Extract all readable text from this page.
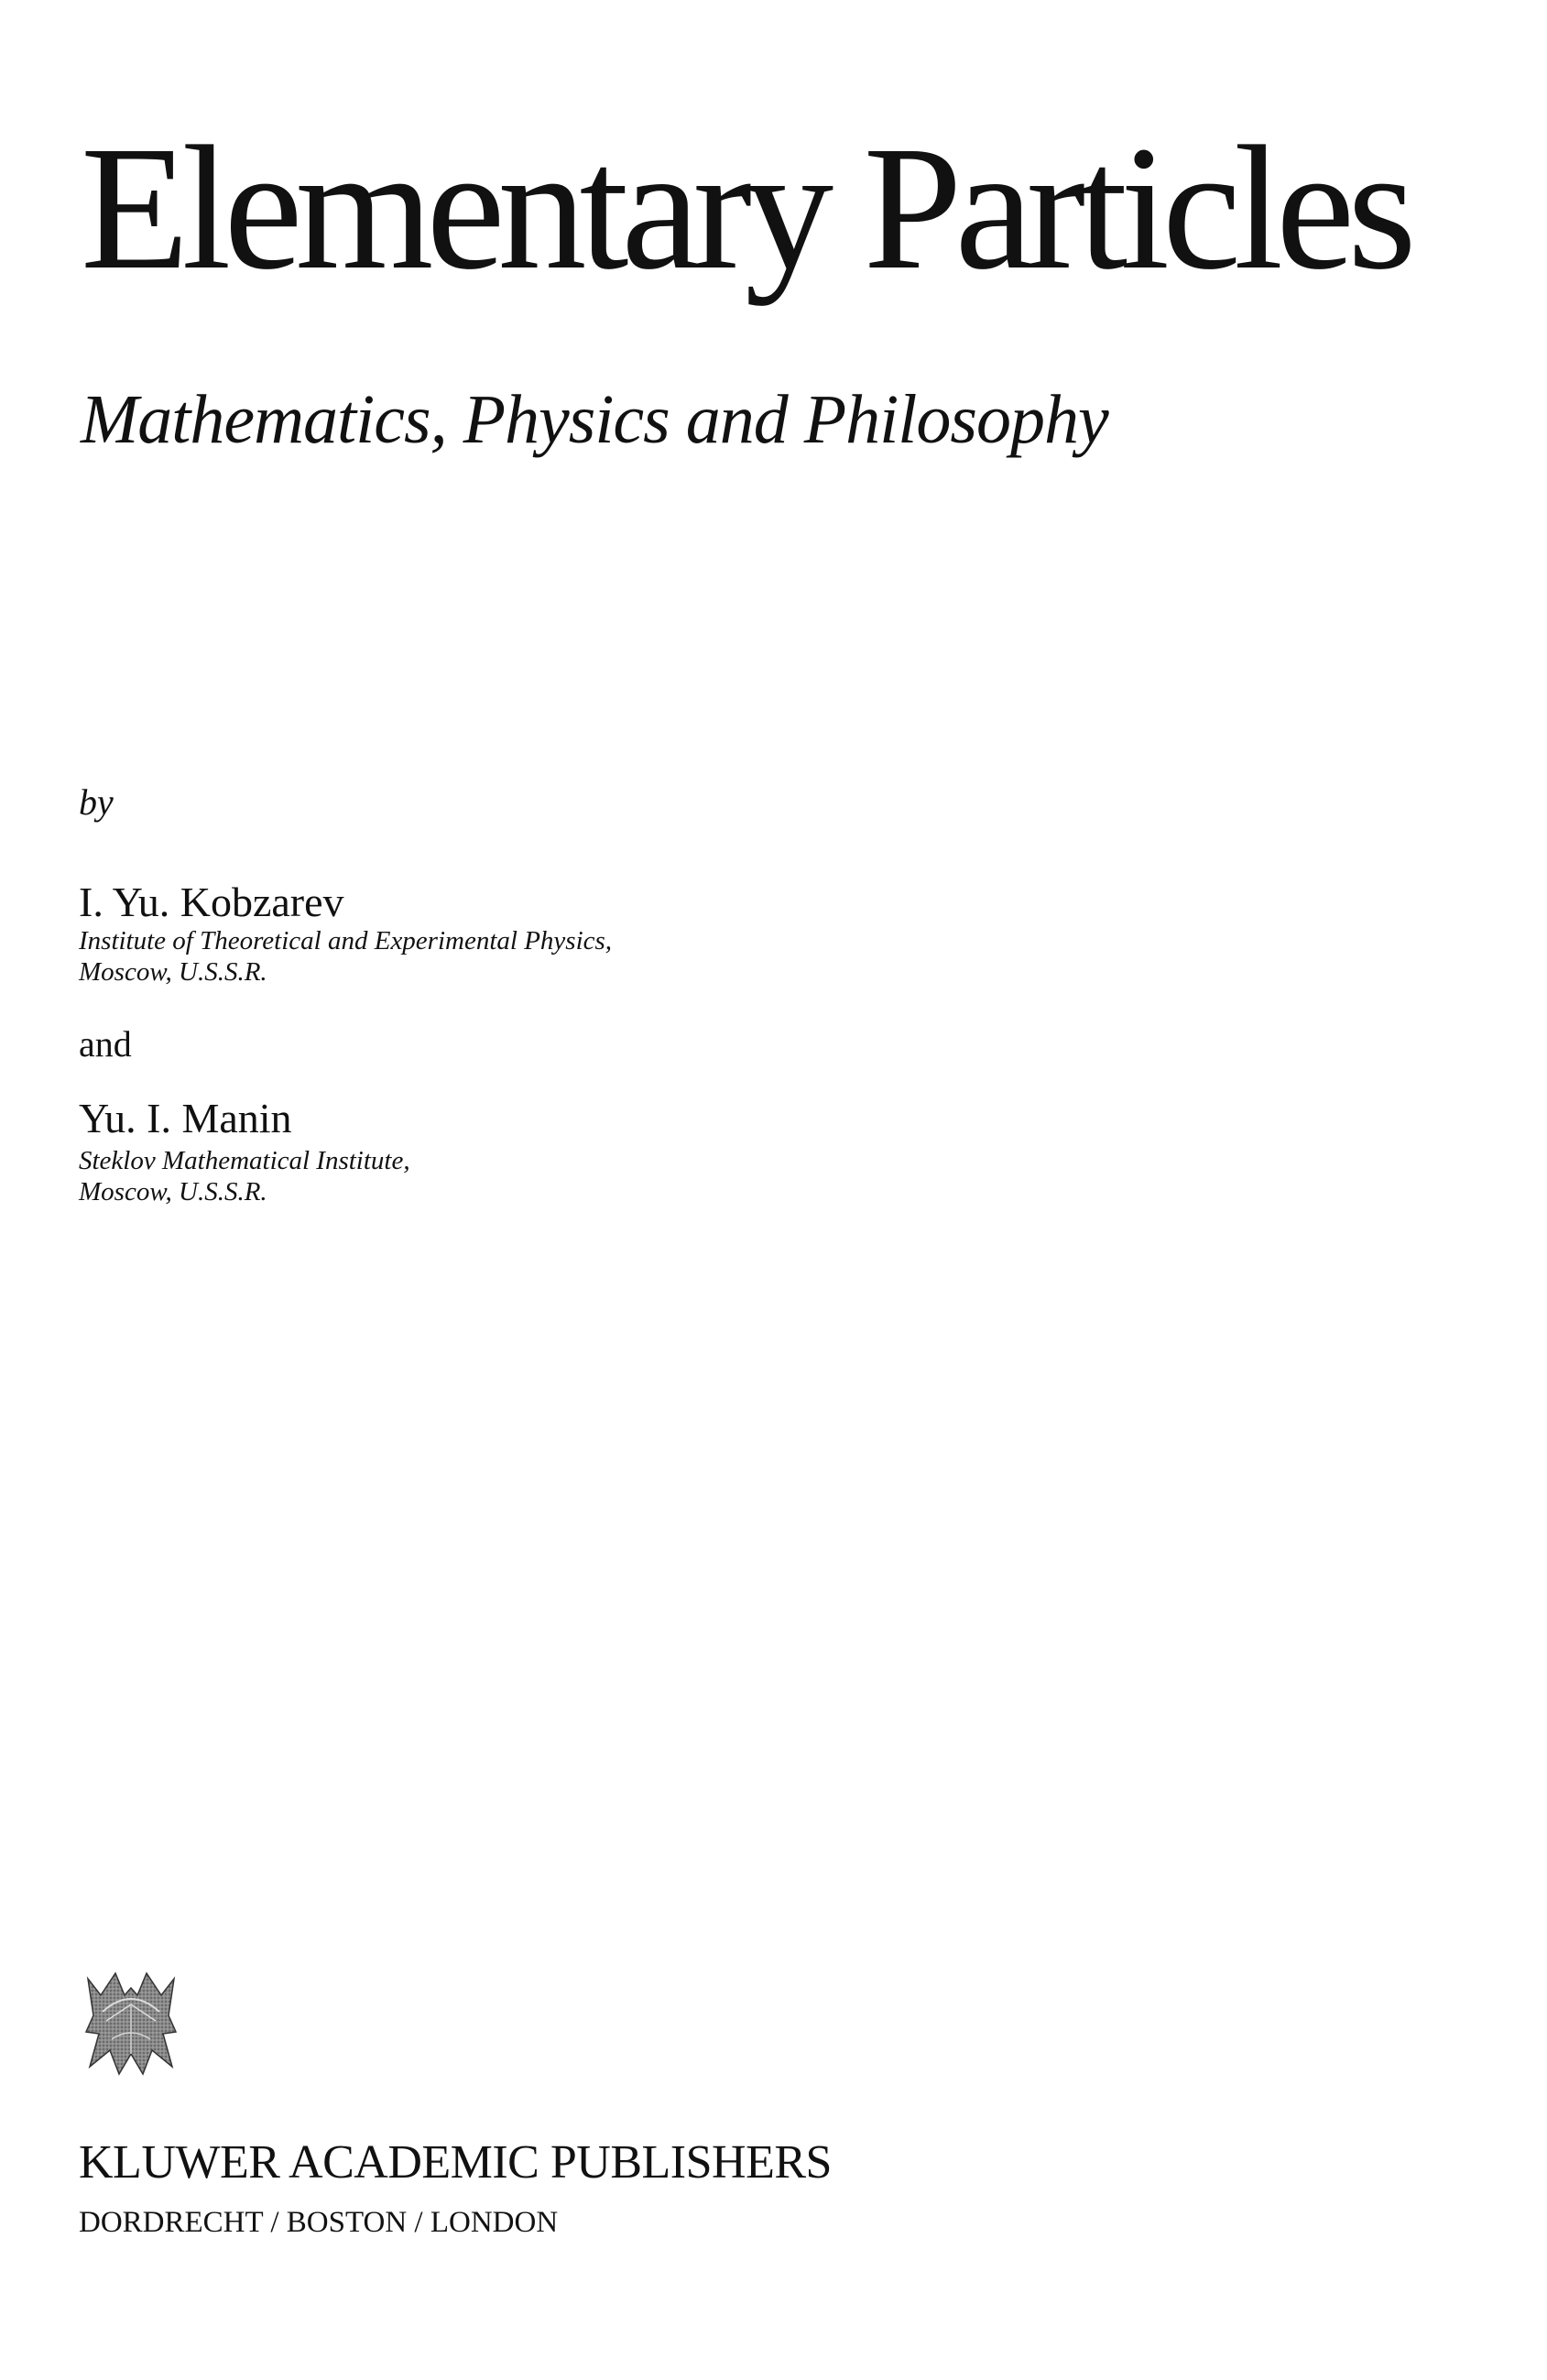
Elementary Particles
Mathematics, Physics and Philosophy
by
I. Yu. Kobzarev
Institute of Theoretical and Experimental Physics,
Moscow, U.S.S.R.
and
Yu. I. Manin
Steklov Mathematical Institute,
Moscow, U.S.S.R.
KLUWER ACADEMIC PUBLISHERS
DORDRECHT / BOSTON / LONDON
